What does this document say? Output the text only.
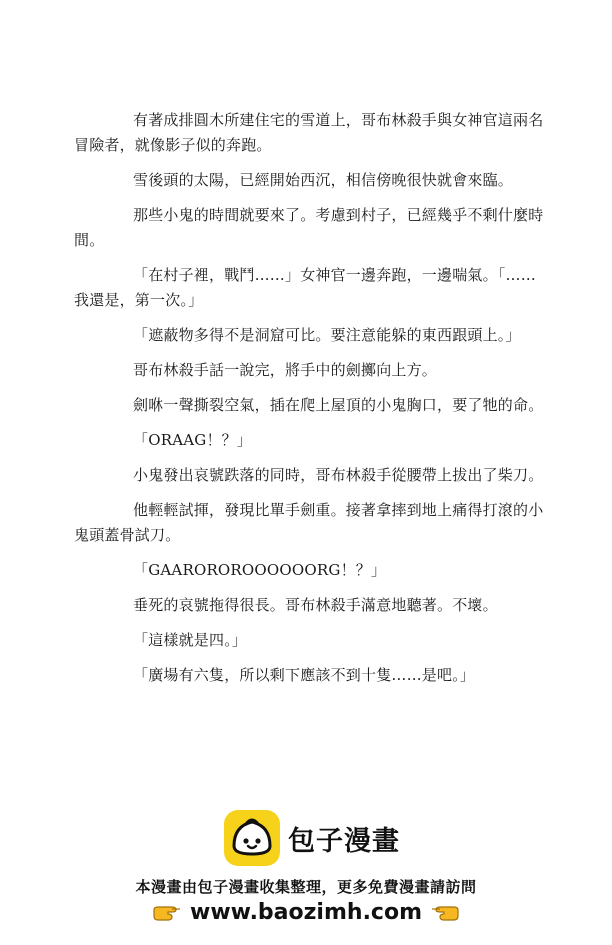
有著成排圓木所建住宅的雪道上，哥布林殺手與女神官這兩名冒險者，就像影子似的奔跑。

雪後頭的太陽，已經開始西沉，相信傍晚很快就會來臨。

那些小鬼的時間就要來了。考慮到村子，已經幾乎不剩什麼時間。

「在村子裡，戰鬥……」女神官一邊奔跑，一邊喘氣。「……我還是，第一次。」

「遮蔽物多得不是洞窟可比。要注意能躲的東西跟頭上。」

哥布林殺手話一說完，將手中的劍擲向上方。

劍咻一聲撕裂空氣，插在爬上屋頂的小鬼胸口，要了牠的命。

「ORAAG！？」

小鬼發出哀號跌落的同時，哥布林殺手從腰帶上拔出了柴刀。

他輕輕試揮，發現比單手劍重。接著拿摔到地上痛得打滾的小鬼頭蓋骨試刀。

「GAARORORОOOOOORG！？」

垂死的哀號拖得很長。哥布林殺手滿意地聽著。不壞。

「這樣就是四。」

「廣場有六隻，所以剩下應該不到十隻……是吧。」

包子漫畫
本漫畫由包子漫畫收集整理，更多免費漫畫請訪問
www.baozimh.com
